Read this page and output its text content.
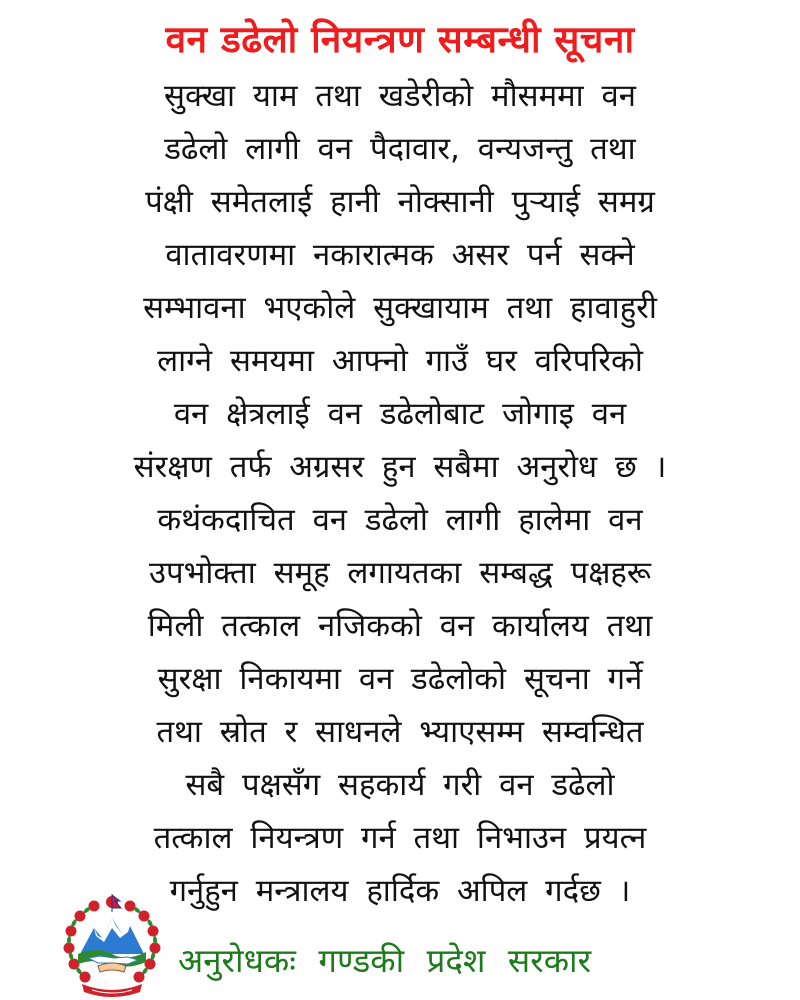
वन डढेलो नियन्त्रण सम्बन्धी सूचना
सुक्खा याम तथा खडेरीको मौसममा वन
डढेलो लागी वन पैदावार, वन्यजन्तु तथा
पंक्षी समेतलाई हानी नोक्सानी पुऱ्याई समग्र
वातावरणमा नकारात्मक असर पर्न सक्ने
सम्भावना भएकोले सुक्खायाम तथा हावाहुरी
लाग्ने समयमा आफ्नो गाउँ घर वरिपरिको
वन क्षेत्रलाई वन डढेलोबाट जोगाइ वन
संरक्षण तर्फ अग्रसर हुन सबैमा अनुरोध छ ।
कथंकदाचित वन डढेलो लागी हालेमा वन
उपभोक्ता समूह लगायतका सम्बद्ध पक्षहरू
मिली तत्काल नजिकको वन कार्यालय तथा
सुरक्षा निकायमा वन डढेलोको सूचना गर्ने
तथा स्रोत र साधनले भ्याएसम्म सम्वन्धित
सबै पक्षसँग सहकार्य गरी वन डढेलो
तत्काल नियन्त्रण गर्न तथा निभाउन प्रयत्न
गर्नुहुन मन्त्रालय हार्दिक अपिल गर्दछ ।
अनुरोधकः गण्डकी प्रदेश सरकार
